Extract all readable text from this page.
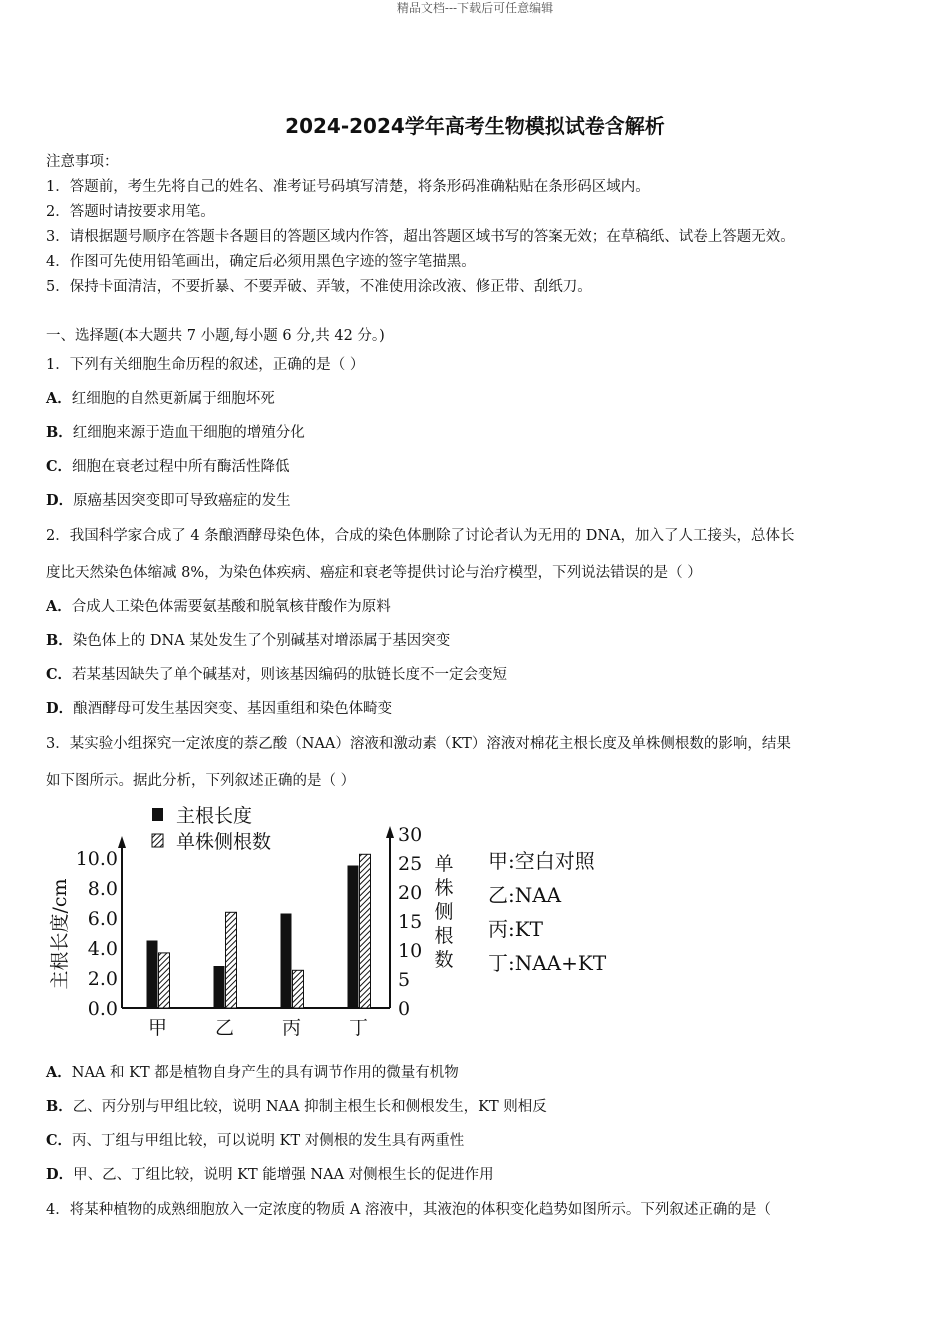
精品文档---下载后可任意编辑
2024-2024学年高考生物模拟试卷含解析
注意事项：
1．答题前，考生先将自己的姓名、准考证号码填写清楚，将条形码准确粘贴在条形码区域内。
2．答题时请按要求用笔。
3．请根据题号顺序在答题卡各题目的答题区域内作答，超出答题区域书写的答案无效；在草稿纸、试卷上答题无效。
4．作图可先使用铅笔画出，确定后必须用黑色字迹的签字笔描黑。
5．保持卡面清洁，不要折暴、不要弄破、弄皱，不准使用涂改液、修正带、刮纸刀。
一、选择题(本大题共 7 小题,每小题 6 分,共 42 分。)
1．下列有关细胞生命历程的叙述，正确的是（ ）
A．红细胞的自然更新属于细胞坏死
B．红细胞来源于造血干细胞的增殖分化
C．细胞在衰老过程中所有酶活性降低
D．原癌基因突变即可导致癌症的发生
2．我国科学家合成了 4 条酿酒酵母染色体，合成的染色体删除了讨论者认为无用的 DNA，加入了人工接头，总体长
度比天然染色体缩减 8%，为染色体疾病、癌症和衰老等提供讨论与治疗模型，下列说法错误的是（ ）
A．合成人工染色体需要氨基酸和脱氧核苷酸作为原料
B．染色体上的 DNA 某处发生了个别碱基对增添属于基因突变
C．若某基因缺失了单个碱基对，则该基因编码的肽链长度不一定会变短
D．酿酒酵母可发生基因突变、基因重组和染色体畸变
3．某实验小组探究一定浓度的萘乙酸（NAA）溶液和激动素（KT）溶液对棉花主根长度及单株侧根数的影响，结果
如下图所示。据此分析，下列叙述正确的是（ ）
0.0
2.0
4.0
6.0
8.0
10.0
0
5
10
15
20
25
30
主根长度/cm
单株侧根数
甲	乙	丙	丁
主根长度
单株侧根数
甲:空白对照
乙:NAA
丙:KT
丁:NAA+KT
A．NAA 和 KT 都是植物自身产生的具有调节作用的微量有机物
B．乙、丙分别与甲组比较，说明 NAA 抑制主根生长和侧根发生，KT 则相反
C．丙、丁组与甲组比较，可以说明 KT 对侧根的发生具有两重性
D．甲、乙、丁组比较，说明 KT 能增强 NAA 对侧根生长的促进作用
4．将某种植物的成熟细胞放入一定浓度的物质 A 溶液中，其液泡的体积变化趋势如图所示。下列叙述正确的是（
